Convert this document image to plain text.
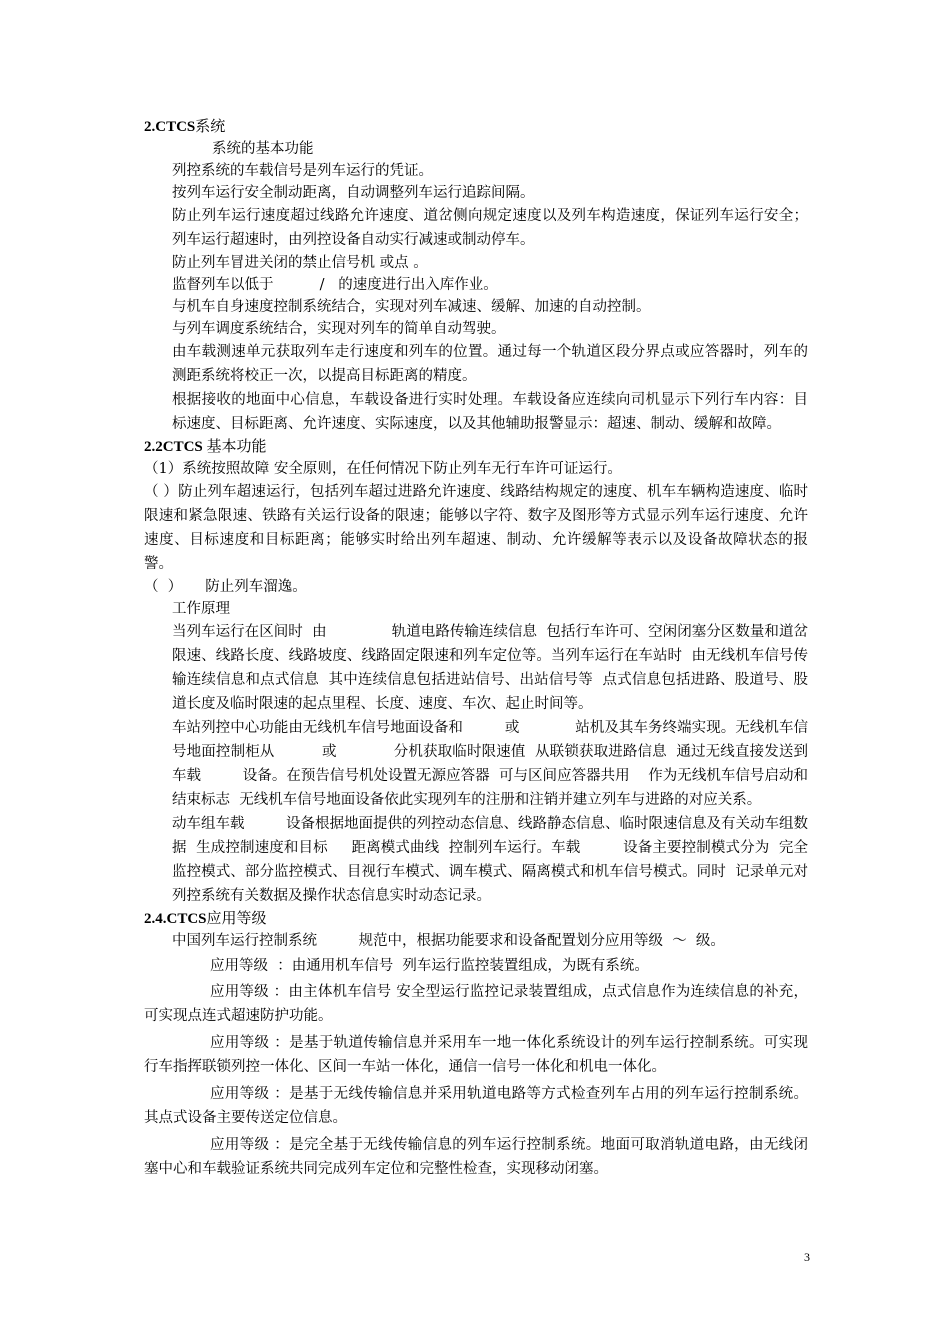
2.CTCS系统
系统的基本功能
列控系统的车载信号是列车运行的凭证。
按列车运行安全制动距离，自动调整列车运行追踪间隔。

防止列车运行速度超过线路允许速度、道岔侧向规定速度以及列车构造速度，保证列车运行安全；列车运行超速时，由列控设备自动实行减速或制动停车。

防止列车冒进关闭的禁止信号机 或点 。
监督列车以低于          /   的速度进行出入库作业。
与机车自身速度控制系统结合，实现对列车减速、缓解、加速的自动控制。
与列车调度系统结合，实现对列车的简单自动驾驶。

由车载测速单元获取列车走行速度和列车的位置。通过每一个轨道区段分界点或应答器时，列车的测距系统将校正一次，以提高目标距离的精度。

根据接收的地面中心信息，车载设备进行实时处理。车载设备应连续向司机显示下列行车内容：目标速度、目标距离、允许速度、实际速度，以及其他辅助报警显示：超速、制动、缓解和故障。

2.2CTCS 基本功能
（1）系统按照故障 安全原则，在任何情况下防止列车无行车许可证运行。

（ ）防止列车超速运行，包括列车超过进路允许速度、线路结构规定的速度、机车车辆构造速度、临时限速和紧急限速、铁路有关运行设备的限速；能够以字符、数字及图形等方式显示列车运行速度、允许速度、目标速度和目标距离；能够实时给出列车超速、制动、允许缓解等表示以及设备故障状态的报警。

（  ）     防止列车溜逸。
工作原理

当列车运行在区间时  由              轨道电路传输连续信息  包括行车许可、空闲闭塞分区数量和道岔限速、线路长度、线路坡度、线路固定限速和列车定位等。当列车运行在车站时  由无线机车信号传输连续信息和点式信息  其中连续信息包括进站信号、出站信号等  点式信息包括进路、股道号、股道长度及临时限速的起点里程、长度、速度、车次、起止时间等。

车站列控中心功能由无线机车信号地面设备和         或            站机及其车务终端实现。无线机车信号地面控制柜从          或            分机获取临时限速值  从联锁获取进路信息  通过无线直接发送到车载         设备。在预告信号机处设置无源应答器  可与区间应答器共用    作为无线机车信号启动和结束标志  无线机车信号地面设备依此实现列车的注册和注销并建立列车与进路的对应关系。

动车组车载         设备根据地面提供的列控动态信息、线路静态信息、临时限速信息及有关动车组数据  生成控制速度和目标     距离模式曲线  控制列车运行。车载         设备主要控制模式分为  完全监控模式、部分监控模式、目视行车模式、调车模式、隔离模式和机车信号模式。同时  记录单元对列控系统有关数据及操作状态信息实时动态记录。

2.4.CTCS应用等级
中国列车运行控制系统         规范中，根据功能要求和设备配置划分应用等级  ～  级。
应用等级  ：由通用机车信号  列车运行监控装置组成，为既有系统。

应用等级 ：由主体机车信号 安全型运行监控记录装置组成，点式信息作为连续信息的补充，可实现点连式超速防护功能。

应用等级 ：是基于轨道传输信息并采用车一地一体化系统设计的列车运行控制系统。可实现行车指挥联锁列控一体化、区间一车站一体化，通信一信号一体化和机电一体化。

应用等级 ：是基于无线传输信息并采用轨道电路等方式检查列车占用的列车运行控制系统。其点式设备主要传送定位信息。

应用等级 ：是完全基于无线传输信息的列车运行控制系统。地面可取消轨道电路，由无线闭塞中心和车载验证系统共同完成列车定位和完整性检查，实现移动闭塞。

3
